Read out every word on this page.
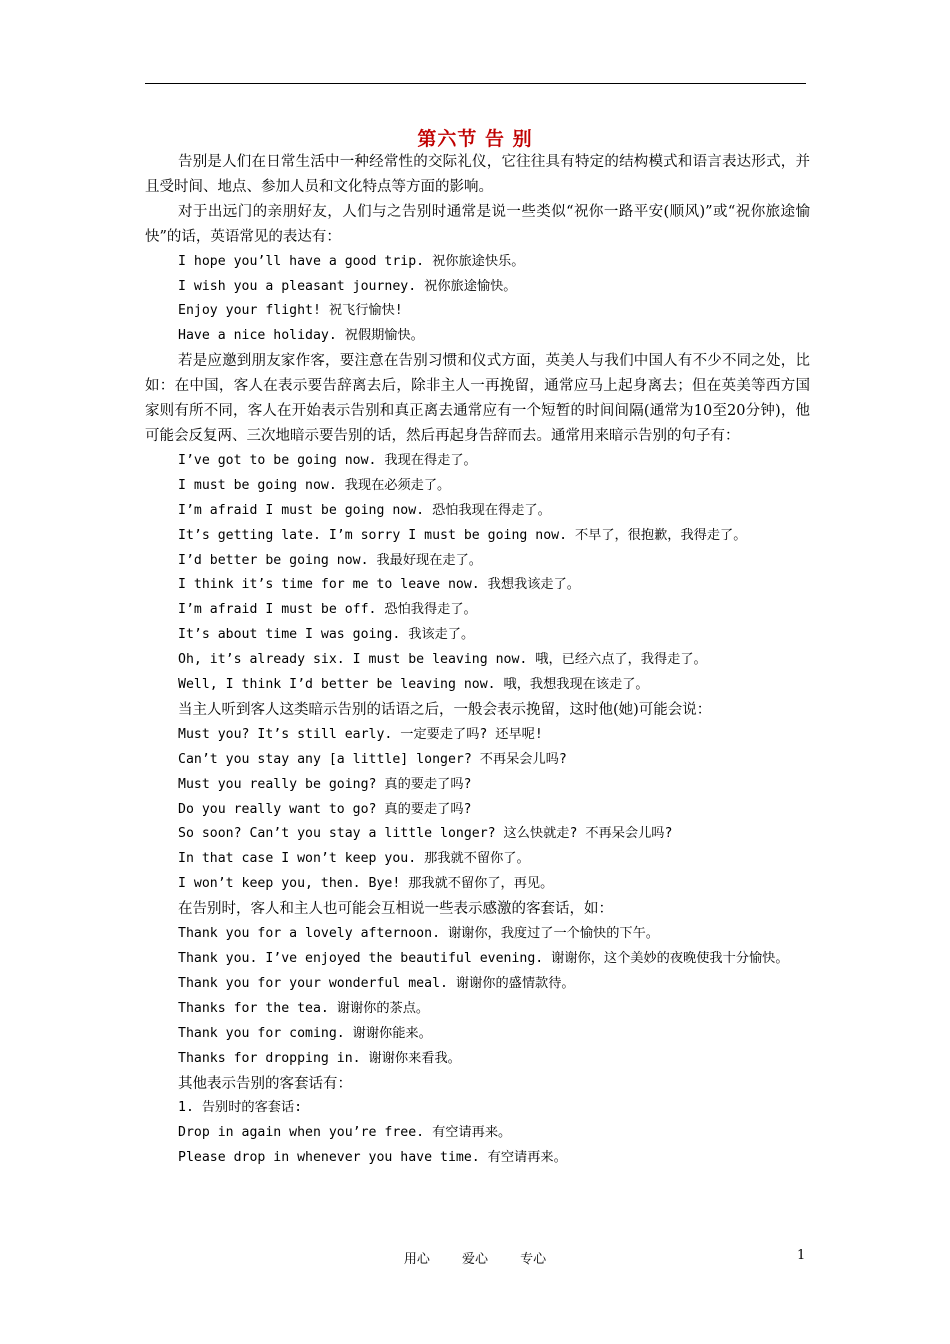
第六节 告 别

告别是人们在日常生活中一种经常性的交际礼仪，它往往具有特定的结构模式和语言表达形式，并且受时间、地点、参加人员和文化特点等方面的影响。

对于出远门的亲朋好友，人们与之告别时通常是说一些类似“祝你一路平安(顺风)”或“祝你旅途愉快”的话，英语常见的表达有：

I hope you’ll have a good trip. 祝你旅途快乐。

I wish you a pleasant journey. 祝你旅途愉快。

Enjoy your flight! 祝飞行愉快!

Have a nice holiday. 祝假期愉快。

若是应邀到朋友家作客，要注意在告别习惯和仪式方面，英美人与我们中国人有不少不同之处，比如：在中国，客人在表示要告辞离去后，除非主人一再挽留，通常应马上起身离去；但在英美等西方国家则有所不同，客人在开始表示告别和真正离去通常应有一个短暂的时间间隔(通常为10至20分钟)，他可能会反复两、三次地暗示要告别的话，然后再起身告辞而去。通常用来暗示告别的句子有：

I’ve got to be going now. 我现在得走了。

I must be going now. 我现在必须走了。

I’m afraid I must be going now. 恐怕我现在得走了。

It’s getting late. I’m sorry I must be going now. 不早了，很抱歉，我得走了。

I’d better be going now. 我最好现在走了。

I think it’s time for me to leave now. 我想我该走了。

I’m afraid I must be off. 恐怕我得走了。

It’s about time I was going. 我该走了。

Oh, it’s already six. I must be leaving now. 哦，已经六点了，我得走了。

Well, I think I’d better be leaving now. 哦，我想我现在该走了。

当主人听到客人这类暗示告别的话语之后，一般会表示挽留，这时他(她)可能会说：

Must you? It’s still early. 一定要走了吗? 还早呢!

Can’t you stay any [a little] longer? 不再呆会儿吗?

Must you really be going? 真的要走了吗?

Do you really want to go? 真的要走了吗?

So soon? Can’t you stay a little longer? 这么快就走? 不再呆会儿吗?

In that case I won’t keep you. 那我就不留你了。

I won’t keep you, then. Bye! 那我就不留你了，再见。

在告别时，客人和主人也可能会互相说一些表示感激的客套话，如：

Thank you for a lovely afternoon. 谢谢你，我度过了一个愉快的下午。

Thank you. I’ve enjoyed the beautiful evening. 谢谢你，这个美妙的夜晚使我十分愉快。

Thank you for your wonderful meal. 谢谢你的盛情款待。

Thanks for the tea. 谢谢你的茶点。

Thank you for coming. 谢谢你能来。

Thanks for dropping in. 谢谢你来看我。

其他表示告别的客套话有：

1. 告别时的客套话:

Drop in again when you’re free. 有空请再来。

Please drop in whenever you have time. 有空请再来。

用心 爱心 专心	1
